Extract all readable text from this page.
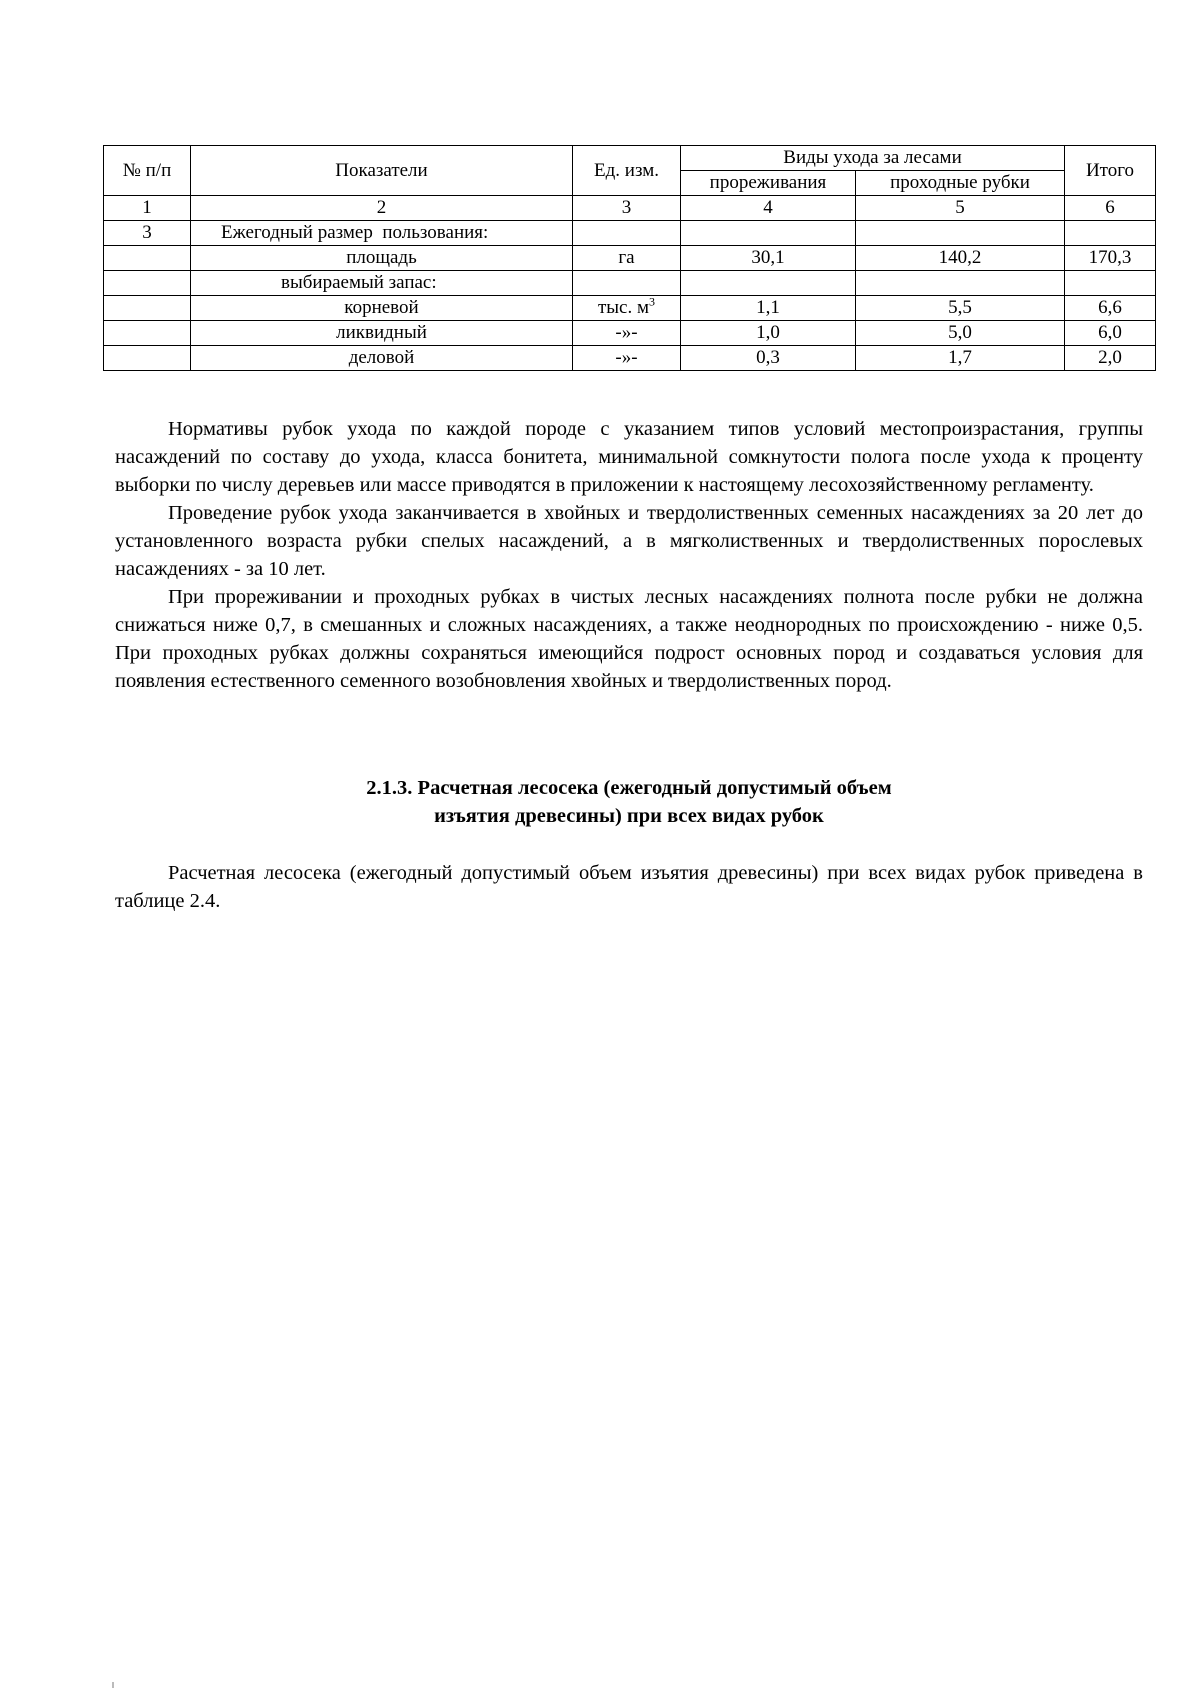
№ п/п	Показатели	Ед. изм.	Виды ухода за лесами		Итого
			прореживания	проходные рубки	
1	2	3	4	5	6
3	Ежегодный размер  пользования:				
	площадь	га	30,1	140,2	170,3
	выбираемый запас:				
	корневой	тыс. $м^3$	1,1	5,5	6,6
	ликвидный	-»-	1,0	5,0	6,0
	деловой	-»-	0,3	1,7	2,0

Нормативы рубок ухода по каждой породе с указанием типов условий местопроизрастания, группы насаждений по составу до ухода, класса бонитета, минимальной сомкнутости полога после ухода к проценту выборки по числу деревьев или массе приводятся в приложении к настоящему лесохозяйственному регламенту.

Проведение рубок ухода заканчивается в хвойных и твердолиственных семенных насаждениях за 20 лет до установленного возраста рубки спелых насаждений, а в мягколиственных и твердолиственных порослевых насаждениях - за 10 лет.

При прореживании и проходных рубках в чистых лесных насаждениях полнота после рубки не должна снижаться ниже 0,7, в смешанных и сложных насаждениях, а также неоднородных по происхождению - ниже 0,5. При проходных рубках должны сохраняться имеющийся подрост основных пород и создаваться условия для появления естественного семенного возобновления хвойных и твердолиственных пород.

2.1.3. Расчетная лесосека (ежегодный допустимый объем
изъятия древесины) при всех видах рубок

Расчетная лесосека (ежегодный допустимый объем изъятия древесины) при всех видах рубок приведена в таблице 2.4.
